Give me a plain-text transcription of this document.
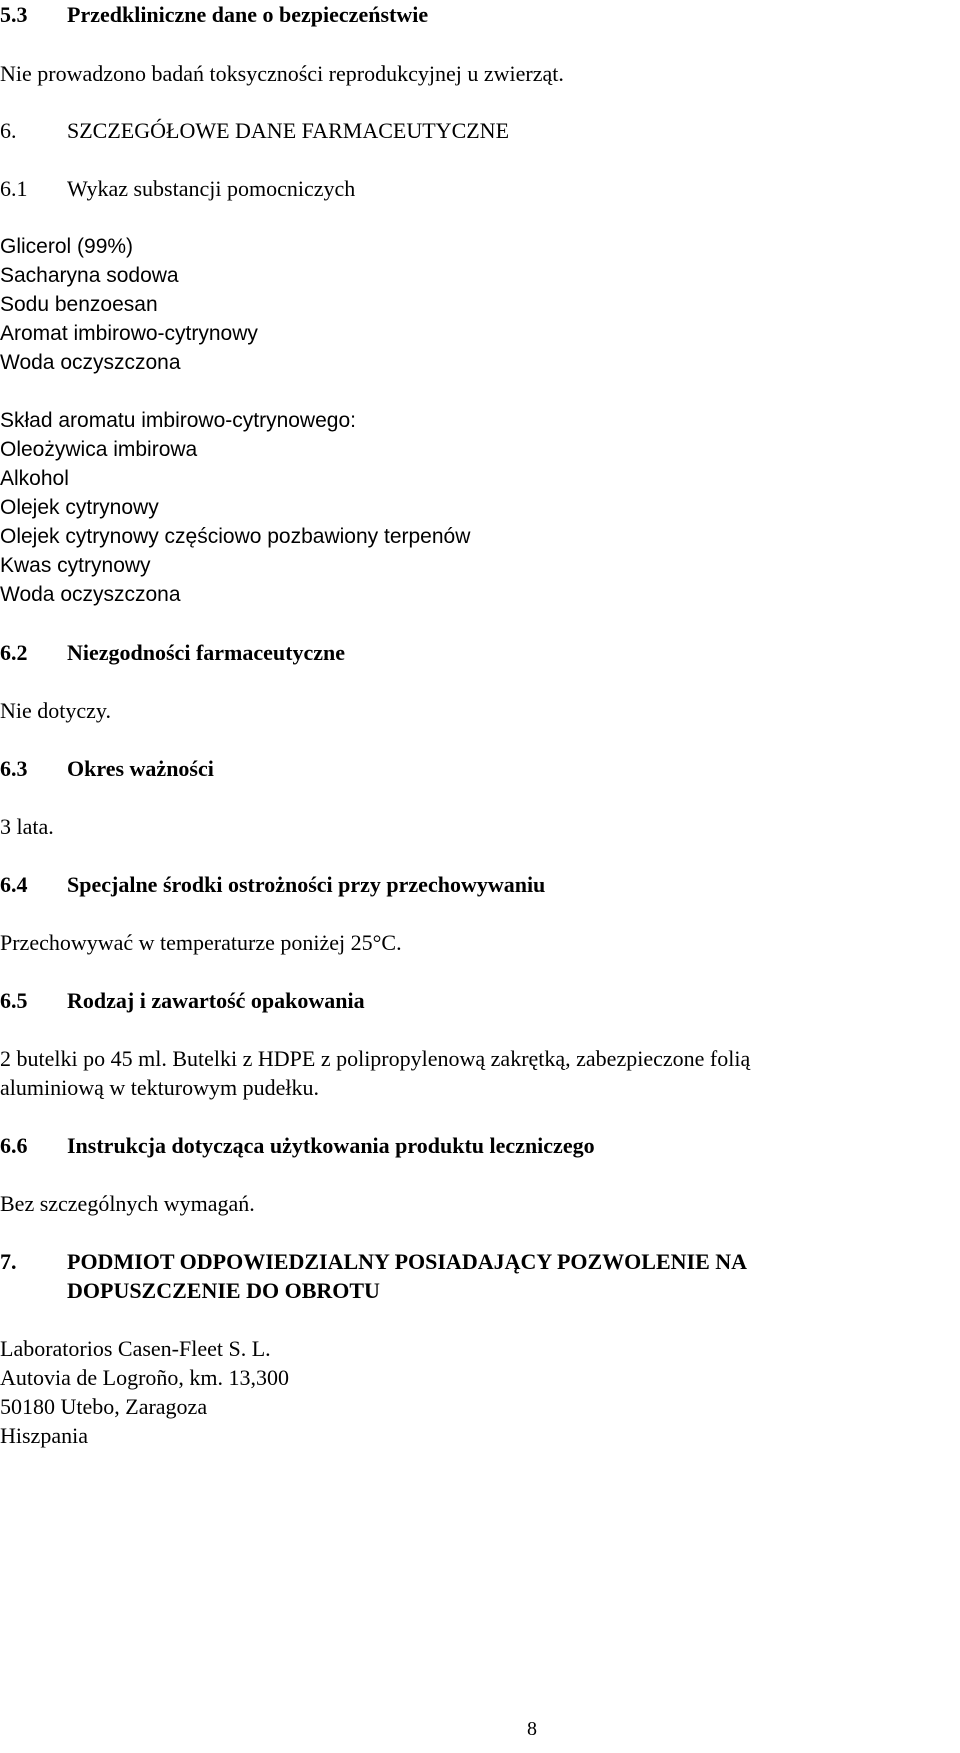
5.3 Przedkliniczne dane o bezpieczeństwie
Nie prowadzono badań toksyczności reprodukcyjnej u zwierząt.
6. SZCZEGÓŁOWE DANE FARMACEUTYCZNE
6.1 Wykaz substancji pomocniczych
Glicerol (99%)
Sacharyna sodowa
Sodu benzoesan
Aromat imbirowo-cytrynowy
Woda oczyszczona
Skład aromatu imbirowo-cytrynowego:
Oleożywica imbirowa
Alkohol
Olejek cytrynowy
Olejek cytrynowy częściowo pozbawiony terpenów
Kwas cytrynowy
Woda oczyszczona
6.2 Niezgodności farmaceutyczne
Nie dotyczy.
6.3 Okres ważności
3 lata.
6.4 Specjalne środki ostrożności przy przechowywaniu
Przechowywać w temperaturze poniżej 25°C.
6.5 Rodzaj i zawartość opakowania
2 butelki po 45 ml. Butelki z HDPE z polipropylenową zakrętką, zabezpieczone folią
aluminiową w tekturowym pudełku.
6.6 Instrukcja dotycząca użytkowania produktu leczniczego
Bez szczególnych wymagań.
7. PODMIOT ODPOWIEDZIALNY POSIADAJĄCY POZWOLENIE NA
DOPUSZCZENIE DO OBROTU
Laboratorios Casen-Fleet S. L.
Autovia de Logroño, km. 13,300
50180 Utebo, Zaragoza
Hiszpania
8
